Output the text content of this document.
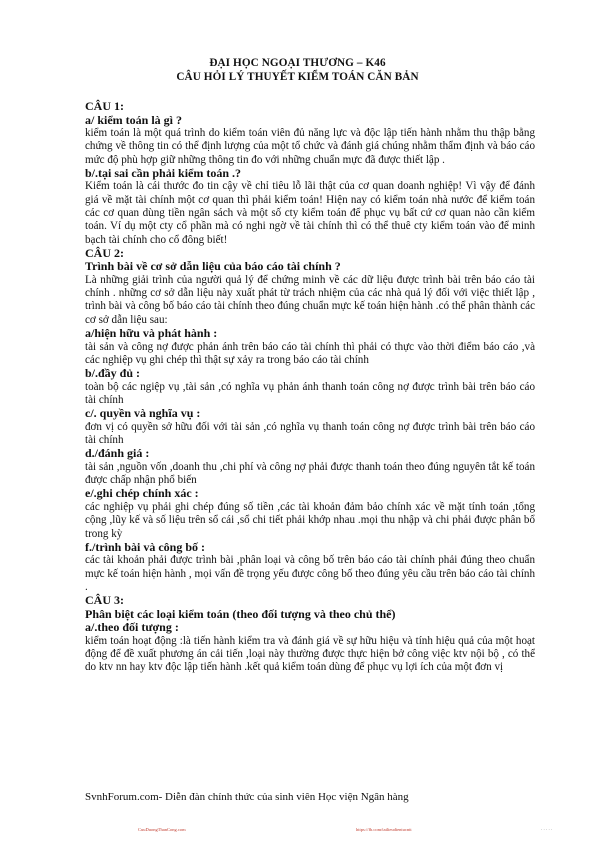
ĐẠI HỌC NGOẠI THƯƠNG – K46
CÂU HỎI LÝ THUYẾT KIỂM TOÁN CĂN BẢN
CÂU 1:
a/ kiểm toán là gì ?
kiểm toán là một quá trình do kiểm toán viên đủ năng lực và độc lập tiến hành nhằm thu thập bằng chứng về thông tin có thể định lượng của một tổ chức và đánh giá chúng nhằm thẩm định và báo cáo mức độ phù hợp giữ những thông tin đo với những chuẩn mực đã được thiết lập .
b/.tại sai cần phải kiểm toán .?
Kiểm toán là cái thước đo tin cậy về chỉ tiêu lỗ lãi thật của cơ quan doanh nghiệp! Vì vậy để đánh giá về mặt tài chính một cơ quan thì phải kiểm toán! Hiện nay có kiểm toán nhà nước để kiểm toán các cơ quan dùng tiền ngân sách và một số cty kiểm toán để phục vụ bất cứ cơ quan nào cần kiểm toán. Ví dụ một cty cổ phần mà có nghi ngờ về tài chính thì có thể thuê cty kiểm toán vào để minh bạch tài chính cho cổ đông biết!
CÂU 2:
Trình bài về cơ sở dẫn liệu của báo cáo tài chính ?
Là những giải trình của người quả lý để chứng minh về các dữ liệu được trình bài trên báo cáo tài chính . những cơ sở dẫn liệu này xuất phát từ trách nhiệm của các nhà quả lý đối với việc thiết lập , trình bài và công bố báo cáo tài chính theo đúng chuẩn mực kế toán hiện hành .có thể phân thành các cơ sở dẫn liệu sau:
a/hiện hữu và phát hành :
tài sản và công nợ được phản ánh trên báo cáo tài chính thì phải có thực vào thời điểm báo cáo ,và các nghiệp vụ ghi chép thì thật sự xảy ra trong báo cáo tài chính
b/.đầy đủ :
toàn bộ các ngiệp vụ ,tài sản ,có nghĩa vụ phản ánh thanh toán công nợ được trình bài trên báo cáo tài chính
c/. quyền và nghĩa vụ :
đơn vị có quyền sở hữu đối với tài sản ,có nghĩa vụ thanh toán công nợ được trình bài trên báo cáo tài chính
d./đánh giá :
tài sản ,nguồn vốn ,doanh thu ,chi phí và công nợ phải được thanh toán theo đúng nguyên tắt kế toán được chấp nhận phổ biến
e/.ghi chép chính xác :
các nghiệp vụ phải ghi chép đúng số tiền ,các tài khoản đảm bảo chính xác về mặt tính toán ,tổng cộng ,lũy kế và số liệu trên sổ cái ,sổ chi tiết phải khớp nhau .mọi thu nhập và chi phải được phân bổ trong kỳ
f./trình bài và công bố :
các tài khoản phải được trình bài ,phân loại và công bố trên báo cáo tài chính phải đúng theo chuẩn mực kế toán hiện hành , mọi vấn đề trọng yếu được công bố theo đúng yêu cầu trên báo cáo tài chính .
CÂU 3:
Phân biệt các loại kiểm toán (theo đối tượng và theo chủ thể)
a/.theo đối tượng :
kiểm toán hoạt động :là tiến hành kiểm tra và đánh giá về sự hữu hiệu và tính hiệu quả của một hoạt động để đề xuất phương án cải tiến ,loại này thường được thực hiện bở công việc ktv nội bộ , có thể do ktv nn hay ktv độc lập tiến hành .kết quả kiểm toán dùng để phục vụ lợi ích của một đơn vị
SvnhForum.com- Diễn đàn chính thức của sinh viên Học viện Ngân hàng
CuuDuongThanCong.com	https://fb.com/tailieudientucntt	. . . . .
